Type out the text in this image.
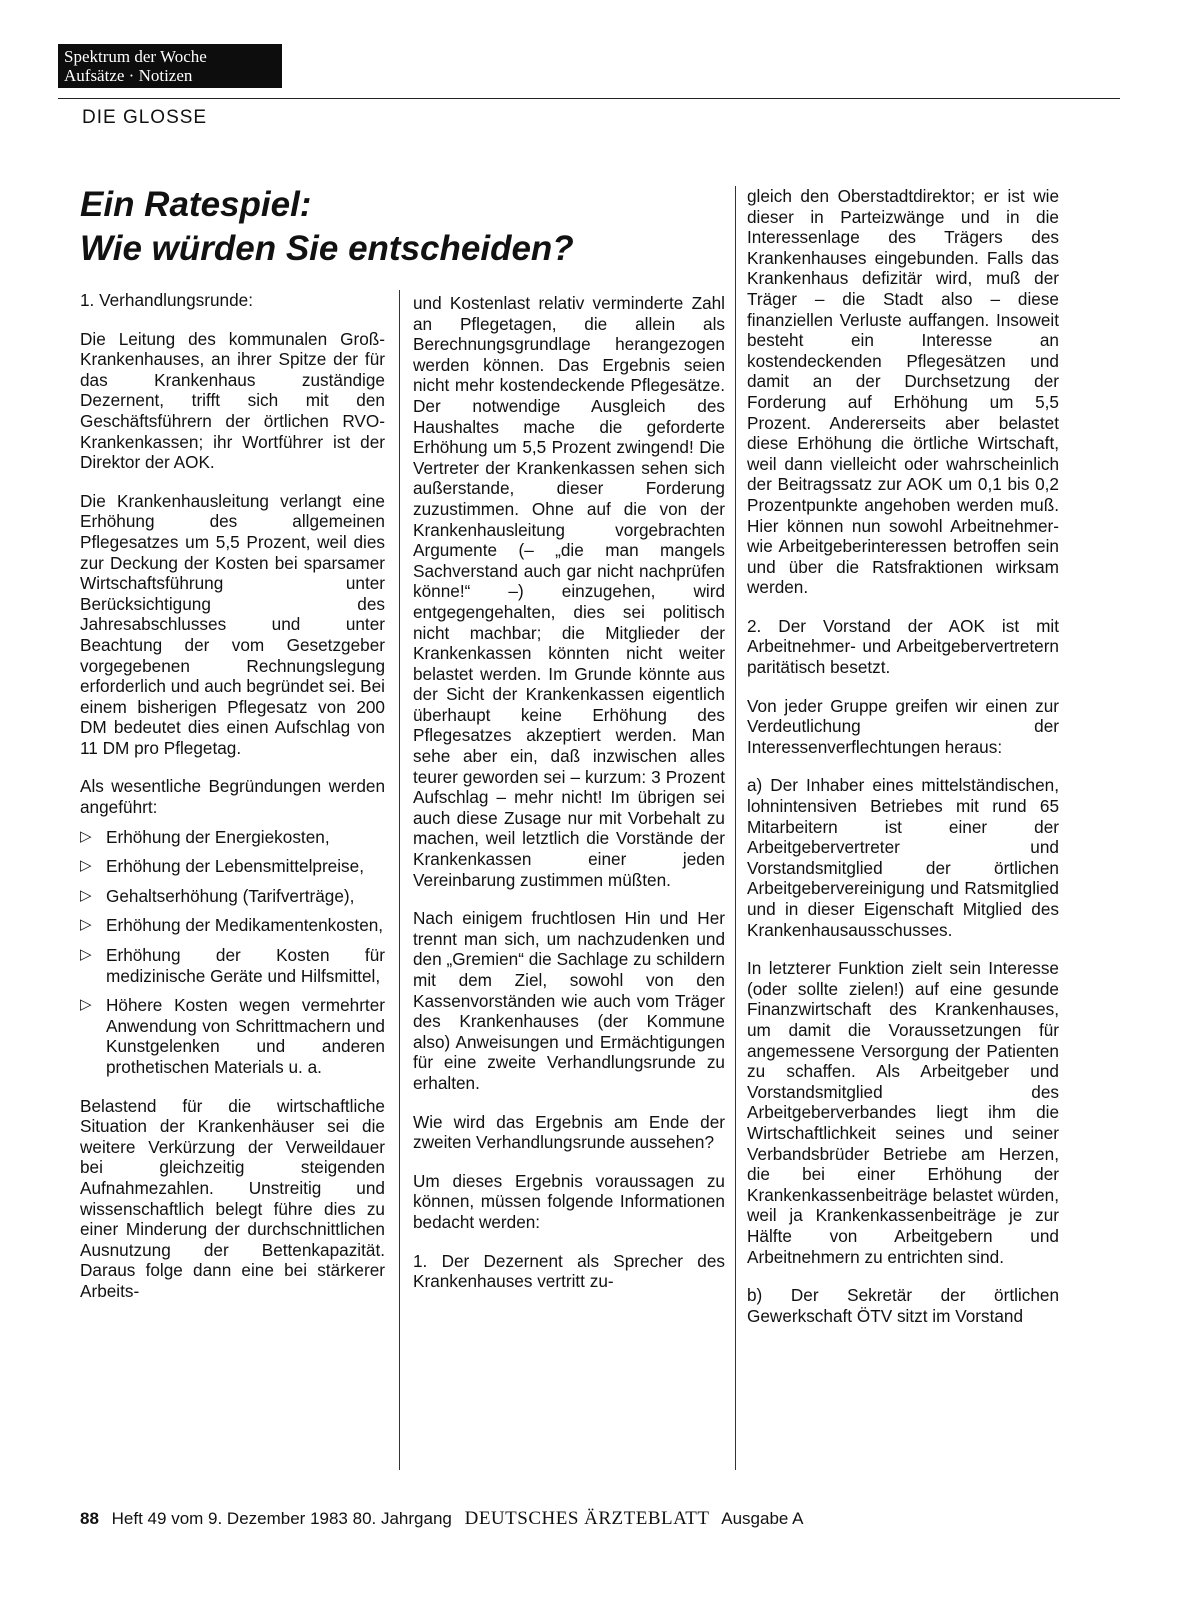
Spektrum der Woche
Aufsätze · Notizen
DIE GLOSSE
Ein Ratespiel:
Wie würden Sie entscheiden?

1. Verhandlungsrunde:

Die Leitung des kommunalen Groß-Krankenhauses, an ihrer Spitze der für das Krankenhaus zuständige Dezernent, trifft sich mit den Geschäftsführern der örtlichen RVO-Krankenkassen; ihr Wortführer ist der Direktor der AOK.

Die Krankenhausleitung verlangt eine Erhöhung des allgemeinen Pflegesatzes um 5,5 Prozent, weil dies zur Deckung der Kosten bei sparsamer Wirtschaftsführung unter Berücksichtigung des Jahresabschlusses und unter Beachtung der vom Gesetzgeber vorgegebenen Rechnungslegung erforderlich und auch begründet sei. Bei einem bisherigen Pflegesatz von 200 DM bedeutet dies einen Aufschlag von 11 DM pro Pflegetag.

Als wesentliche Begründungen werden angeführt:

▷ Erhöhung der Energiekosten,
▷ Erhöhung der Lebensmittelpreise,
▷ Gehaltserhöhung (Tarifverträge),
▷ Erhöhung der Medikamentenkosten,
▷ Erhöhung der Kosten für medizinische Geräte und Hilfsmittel,
▷ Höhere Kosten wegen vermehrter Anwendung von Schrittmachern und Kunstgelenken und anderen prothetischen Materials u. a.

Belastend für die wirtschaftliche Situation der Krankenhäuser sei die weitere Verkürzung der Verweildauer bei gleichzeitig steigenden Aufnahmezahlen. Unstreitig und wissenschaftlich belegt führe dies zu einer Minderung der durchschnittlichen Ausnutzung der Bettenkapazität. Daraus folge dann eine bei stärkerer Arbeits-

und Kostenlast relativ verminderte Zahl an Pflegetagen, die allein als Berechnungsgrundlage herangezogen werden können. Das Ergebnis seien nicht mehr kostendeckende Pflegesätze. Der notwendige Ausgleich des Haushaltes mache die geforderte Erhöhung um 5,5 Prozent zwingend! Die Vertreter der Krankenkassen sehen sich außerstande, dieser Forderung zuzustimmen. Ohne auf die von der Krankenhausleitung vorgebrachten Argumente (– „die man mangels Sachverstand auch gar nicht nachprüfen könne!“ –) einzugehen, wird entgegengehalten, dies sei politisch nicht machbar; die Mitglieder der Krankenkassen könnten nicht weiter belastet werden. Im Grunde könnte aus der Sicht der Krankenkassen eigentlich überhaupt keine Erhöhung des Pflegesatzes akzeptiert werden. Man sehe aber ein, daß inzwischen alles teurer geworden sei – kurzum: 3 Prozent Aufschlag – mehr nicht! Im übrigen sei auch diese Zusage nur mit Vorbehalt zu machen, weil letztlich die Vorstände der Krankenkassen einer jeden Vereinbarung zustimmen müßten.

Nach einigem fruchtlosen Hin und Her trennt man sich, um nachzudenken und den „Gremien“ die Sachlage zu schildern mit dem Ziel, sowohl von den Kassenvorständen wie auch vom Träger des Krankenhauses (der Kommune also) Anweisungen und Ermächtigungen für eine zweite Verhandlungsrunde zu erhalten.

Wie wird das Ergebnis am Ende der zweiten Verhandlungsrunde aussehen?

Um dieses Ergebnis voraussagen zu können, müssen folgende Informationen bedacht werden:

1. Der Dezernent als Sprecher des Krankenhauses vertritt zu-

gleich den Oberstadtdirektor; er ist wie dieser in Parteizwänge und in die Interessenlage des Trägers des Krankenhauses eingebunden. Falls das Krankenhaus defizitär wird, muß der Träger – die Stadt also – diese finanziellen Verluste auffangen. Insoweit besteht ein Interesse an kostendeckenden Pflegesätzen und damit an der Durchsetzung der Forderung auf Erhöhung um 5,5 Prozent. Andererseits aber belastet diese Erhöhung die örtliche Wirtschaft, weil dann vielleicht oder wahrscheinlich der Beitragssatz zur AOK um 0,1 bis 0,2 Prozentpunkte angehoben werden muß. Hier können nun sowohl Arbeitnehmer- wie Arbeitgeberinteressen betroffen sein und über die Ratsfraktionen wirksam werden.

2. Der Vorstand der AOK ist mit Arbeitnehmer- und Arbeitgebervertretern paritätisch besetzt.

Von jeder Gruppe greifen wir einen zur Verdeutlichung der Interessenverflechtungen heraus:

a) Der Inhaber eines mittelständischen, lohnintensiven Betriebes mit rund 65 Mitarbeitern ist einer der Arbeitgebervertreter und Vorstandsmitglied der örtlichen Arbeitgebervereinigung und Ratsmitglied und in dieser Eigenschaft Mitglied des Krankenhausausschusses.

In letzterer Funktion zielt sein Interesse (oder sollte zielen!) auf eine gesunde Finanzwirtschaft des Krankenhauses, um damit die Voraussetzungen für angemessene Versorgung der Patienten zu schaffen. Als Arbeitgeber und Vorstandsmitglied des Arbeitgeberverbandes liegt ihm die Wirtschaftlichkeit seines und seiner Verbandsbrüder Betriebe am Herzen, die bei einer Erhöhung der Krankenkassenbeiträge belastet würden, weil ja Krankenkassenbeiträge je zur Hälfte von Arbeitgebern und Arbeitnehmern zu entrichten sind.

b) Der Sekretär der örtlichen Gewerkschaft ÖTV sitzt im Vorstand

88 Heft 49 vom 9. Dezember 1983 80. Jahrgang DEUTSCHES ÄRZTEBLATT Ausgabe A
